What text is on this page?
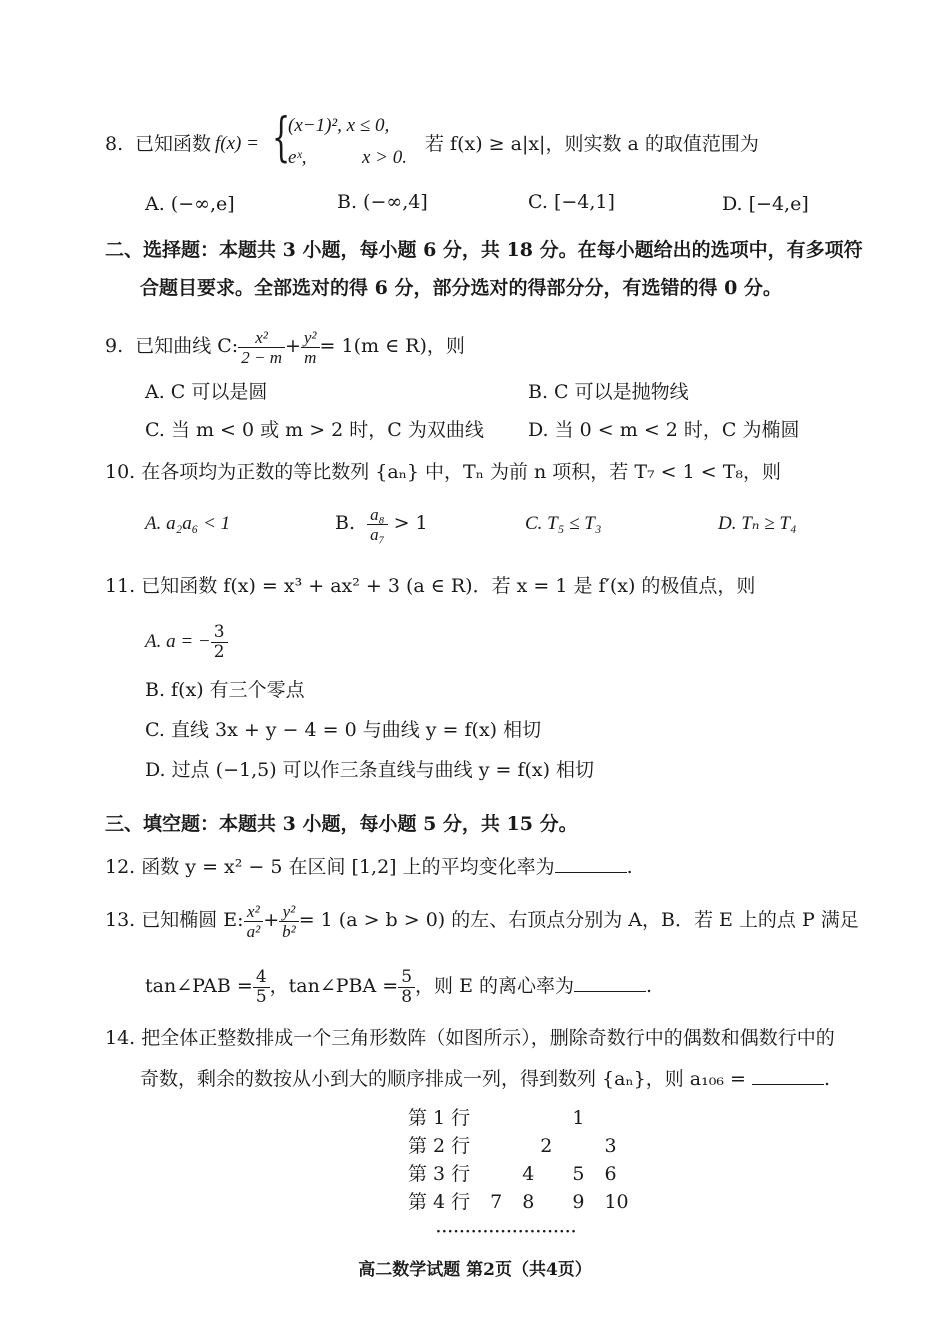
8. 已知函数 f(x) = {
(x−1)², x ≤ 0,
eˣ,	x > 0.
若 f(x) ≥ a|x|，则实数 a 的取值范围为
A. (−∞,e]	B. (−∞,4]	C. [−4,1]	D. [−4,e]
二、选择题：本题共 3 小题，每小题 6 分，共 18 分。在每小题给出的选项中，有多项符
合题目要求。全部选对的得 6 分，部分选对的得部分分，有选错的得 0 分。
9. 已知曲线 C: $\frac{\text{x²}}{2 - m} + \frac{\text{y²}}{m} = 1(m$ ∈ R)，则
A. C 可以是圆	B. C 可以是抛物线
C. 当 m < 0 或 m > 2 时，C 为双曲线 D. 当 0 < m < 2 时，C 为椭圆
10. 在各项均为正数的等比数列 {aₙ} 中，Tₙ 为前 n 项积，若 T₇ < 1 < T₈，则
A. a₂a₆ < 1	B. $\frac{\text{a₈}}{\text{a₇}} > 1$	C. T₅ ≤ T₃	D. Tₙ ≥ T₄
11. 已知函数 f(x) = x³ + ax² + 3 (a ∈ R)．若 x = 1 是 f′(x) 的极值点，则
A. a = − $\frac{3}{2}$
B. f(x) 有三个零点
C. 直线 3x + y − 4 = 0 与曲线 y = f(x) 相切
D. 过点 (−1,5) 可以作三条直线与曲线 y = f(x) 相切
三、填空题：本题共 3 小题，每小题 5 分，共 15 分。
12. 函数 y = x² − 5 在区间 [1,2] 上的平均变化率为	.
13. 已知椭圆 E: $\frac{\text{x²}}{\text{a²}} + \frac{\text{y²}}{\text{b²}} = 1$ (a > b > 0) 的左、右顶点分别为 A，B．若 E 上的点 P 满足
tan∠PAB = $\frac{4}{5}$ ，tan∠PBA = $\frac{5}{8}$ ，则 E 的离心率为	.
14. 把全体正整数排成一个三角形数阵（如图所示），删除奇数行中的偶数和偶数行中的
奇数，剩余的数按从小到大的顺序排成一列，得到数列 {aₙ}，则 a₁₀₆ =	.
第 1 行			1	
第 2 行		2		3
第 3 行		4	5	6
第 4 行	7	8	9	10
························
高二数学试题 第2页（共4页）
